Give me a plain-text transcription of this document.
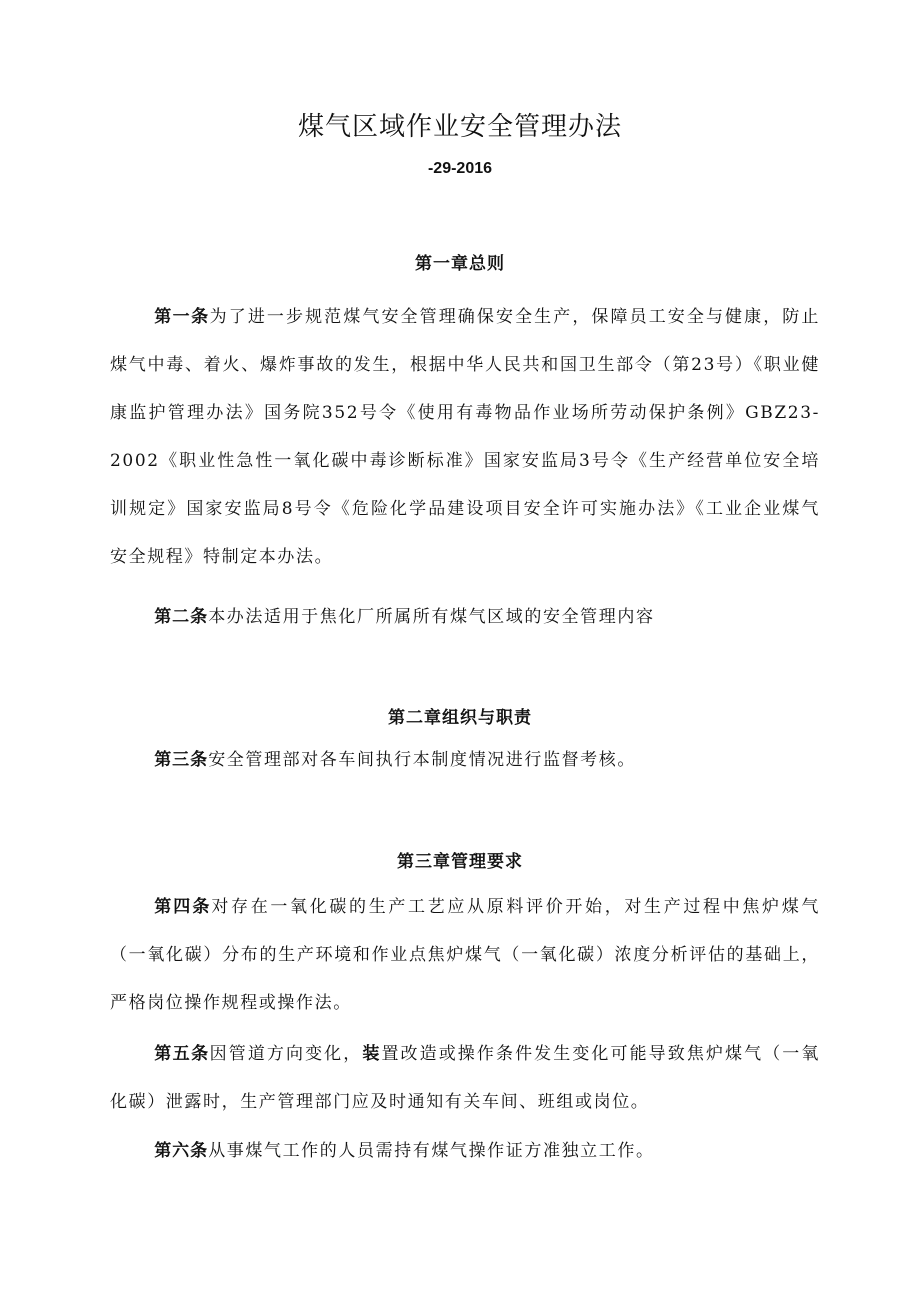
煤气区域作业安全管理办法
-29-2016
第一章总则

第一条为了进一步规范煤气安全管理确保安全生产，保障员工安全与健康，防止煤气中毒、着火、爆炸事故的发生，根据中华人民共和国卫生部令（第23号）《职业健康监护管理办法》国务院352号令《使用有毒物品作业场所劳动保护条例》GBZ23-2002《职业性急性一氧化碳中毒诊断标准》国家安监局3号令《生产经营单位安全培训规定》国家安监局8号令《危险化学品建设项目安全许可实施办法》《工业企业煤气安全规程》特制定本办法。

第二条本办法适用于焦化厂所属所有煤气区域的安全管理内容

第二章组织与职责

第三条安全管理部对各车间执行本制度情况进行监督考核。

第三章管理要求

第四条对存在一氧化碳的生产工艺应从原料评价开始，对生产过程中焦炉煤气（一氧化碳）分布的生产环境和作业点焦炉煤气（一氧化碳）浓度分析评估的基础上，严格岗位操作规程或操作法。

第五条因管道方向变化，装置改造或操作条件发生变化可能导致焦炉煤气（一氧化碳）泄露时，生产管理部门应及时通知有关车间、班组或岗位。

第六条从事煤气工作的人员需持有煤气操作证方准独立工作。
